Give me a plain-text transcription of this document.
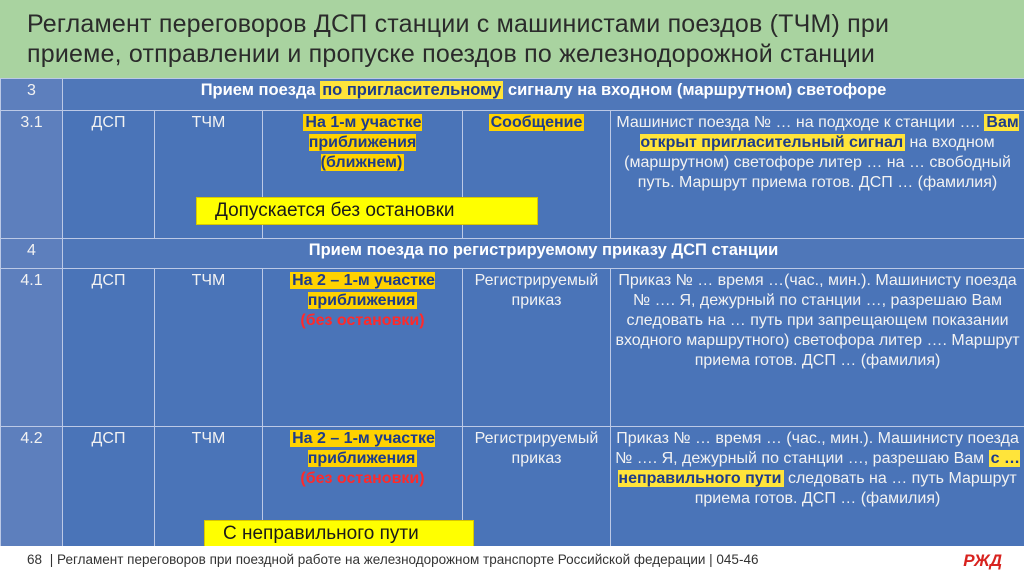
Регламент переговоров ДСП станции с машинистами поездов (ТЧМ) при
приеме, отправлении и пропуске поездов по железнодорожной станции
3	Прием поезда по пригласительному сигналу на входном (маршрутном) светофоре				
3.1	ДСП	ТЧМ	На 1-м участке приближения (ближнем)	Сообщение	Машинист поезда № … на подходе к станции …. Вам открыт пригласительный сигнал на входном (маршрутном) светофоре литер … на … свободный путь. Маршрут приема готов. ДСП … (фамилия)
4	Прием поезда по регистрируемому приказу ДСП станции				
4.1	ДСП	ТЧМ	На 2 – 1-м участке приближения
(без остановки)	Регистрируемый приказ	Приказ № … время …(час., мин.). Машинисту поезда № …. Я, дежурный по станции …, разрешаю Вам следовать на … путь при запрещающем показании входного маршрутного) светофора литер …. Маршрут приема готов. ДСП … (фамилия)
4.2	ДСП	ТЧМ	На 2 – 1-м участке приближения
(без остановки)	Регистрируемый приказ	Приказ № … время … (час., мин.). Машинисту поезда № …. Я, дежурный по станции …, разрешаю Вам с … неправильного пути следовать на … путь Маршрут приема готов. ДСП … (фамилия)
Допускается без остановки
С неправильного пути
68 | Регламент переговоров при поездной работе на железнодорожном транспорте Российской федерации | 045-46	РЖД
